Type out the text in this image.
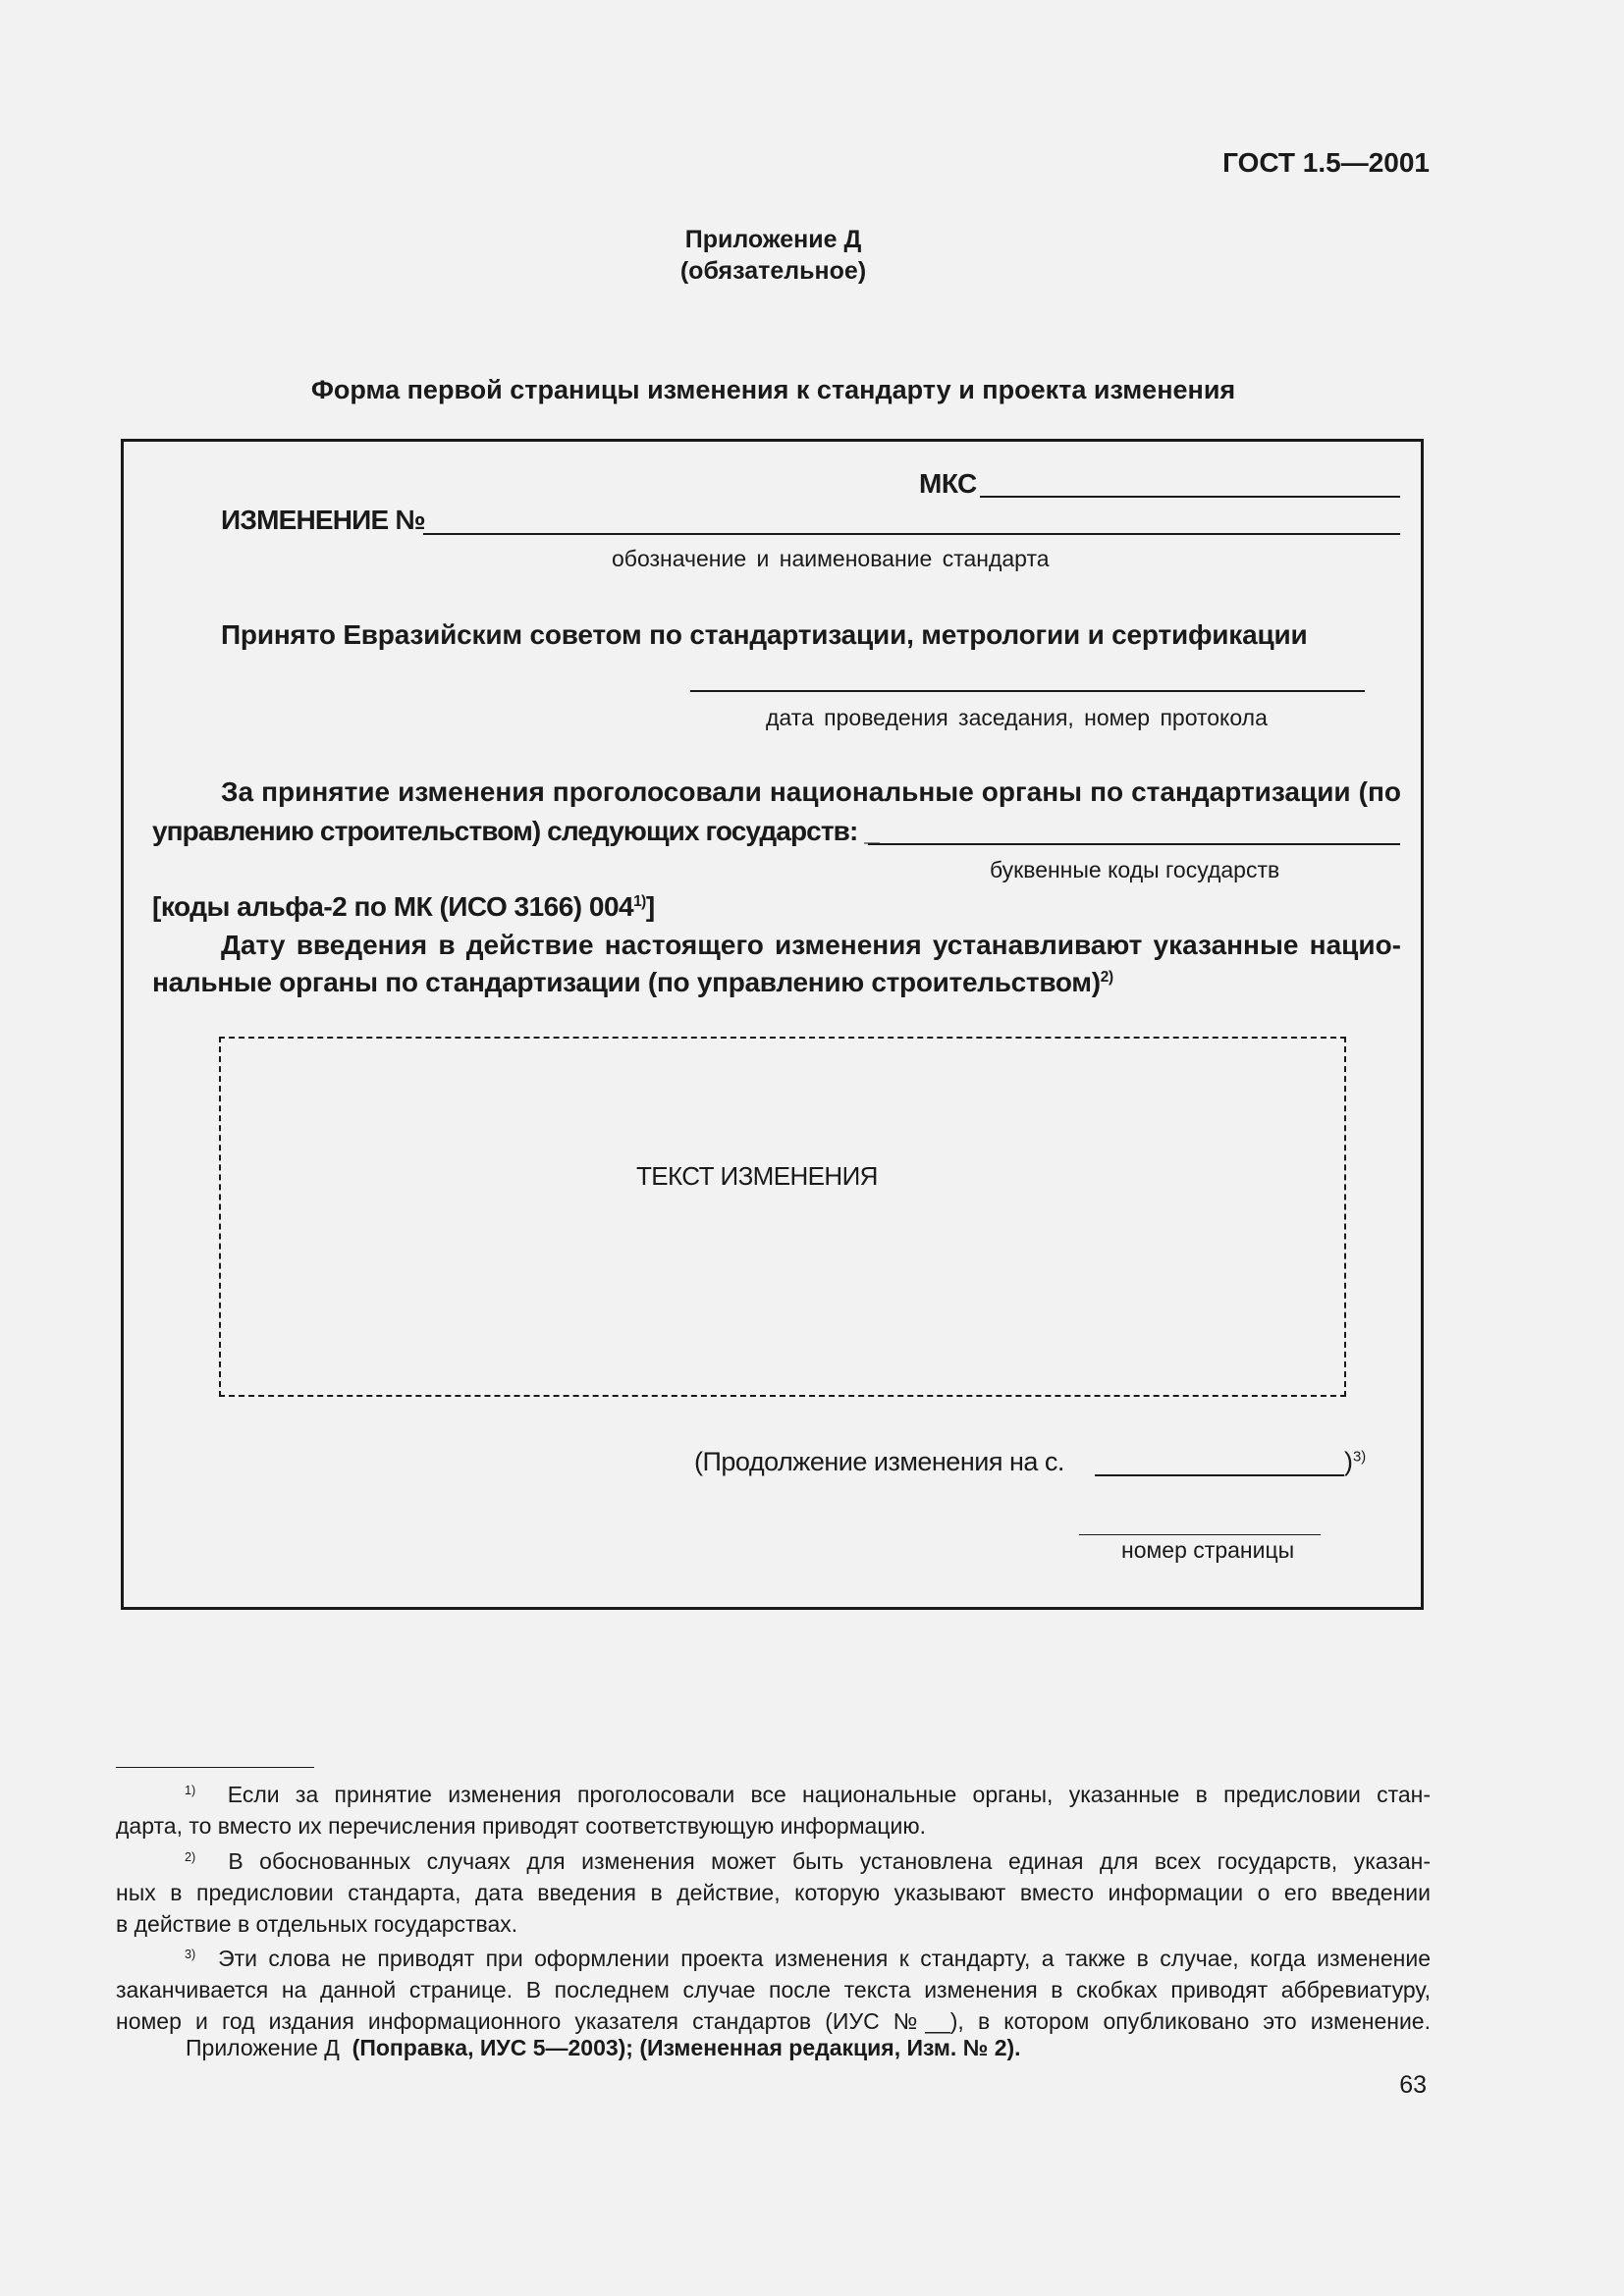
ГОСТ 1.5—2001
Приложение Д
(обязательное)
Форма первой страницы изменения к стандарту и проекта изменения
МКС
ИЗМЕНЕНИЕ №
обозначение и наименование стандарта
Принято Евразийским советом по стандартизации, метрологии и сертификации
дата проведения заседания, номер протокола
За принятие изменения проголосовали национальные органы по стандартизации (по
управлению строительством) следующих государств: _
буквенные коды государств
[коды альфа-2 по МК (ИСО 3166) 004$^{1)}$]
Дату введения в действие настоящего изменения устанавливают указанные нацио-
нальные органы по стандартизации (по управлению строительством)$^{2)}$
ТЕКСТ ИЗМЕНЕНИЯ
(Продолжение изменения на с.	)$^{3)}$
номер страницы
$^{1)}$ Если за принятие изменения проголосовали все национальные органы, указанные в предисловии стан-
дарта, то вместо их перечисления приводят соответствующую информацию.
$^{2)}$ В обоснованных случаях для изменения может быть установлена единая для всех государств, указан-
ных в предисловии стандарта, дата введения в действие, которую указывают вместо информации о его введении
в действие в отдельных государствах.
$^{3)}$ Эти слова не приводят при оформлении проекта изменения к стандарту, а также в случае, когда изменение
заканчивается на данной странице. В последнем случае после текста изменения в скобках приводят аббревиатуру,
номер и год издания информационного указателя стандартов (ИУС №__), в котором опубликовано это изменение.
Приложение Д (Поправка, ИУС 5—2003); (Измененная редакция, Изм. № 2).
63
